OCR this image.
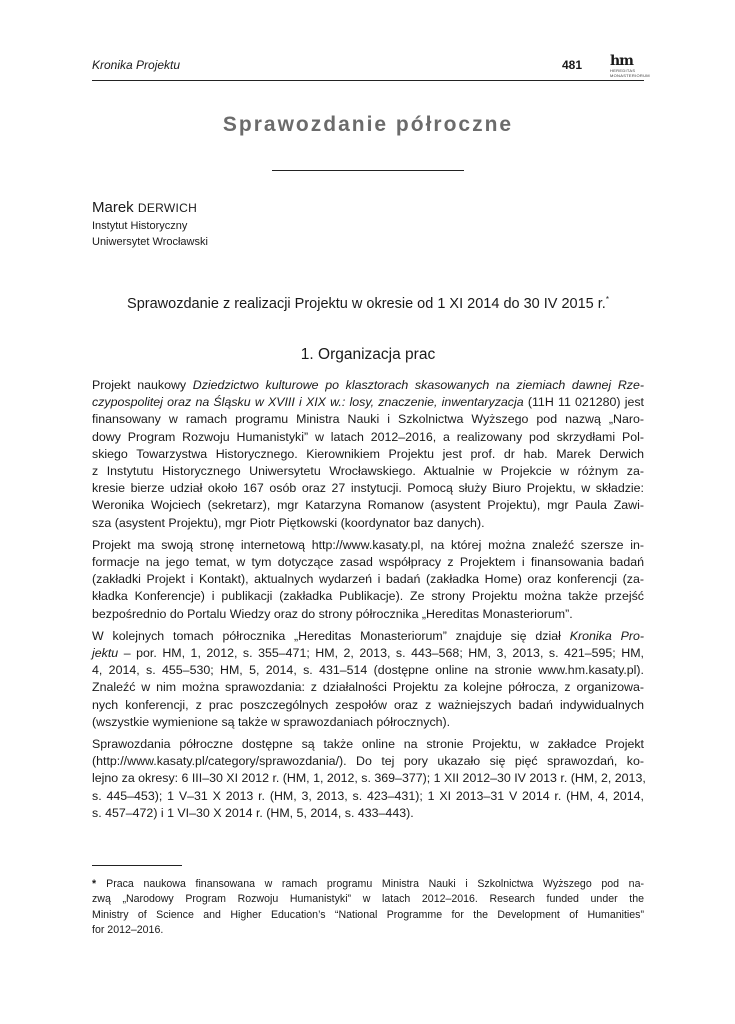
Kronika Projektu	481 hm
HEREDITAS
MONASTERIORUM
Sprawozdanie półroczne
Marek DERWICH
Instytut Historyczny
Uniwersytet Wrocławski
Sprawozdanie z realizacji Projektu w okresie od 1 XI 2014 do 30 IV 2015 r.*
1. Organizacja prac

Projekt naukowy Dziedzictwo kulturowe po klasztorach skasowanych na ziemiach dawnej Rze-
czypospolitej oraz na Śląsku w XVIII i XIX w.: losy, znaczenie, inwentaryzacja (11H 11 021280) jest
finansowany w ramach programu Ministra Nauki i Szkolnictwa Wyższego pod nazwą „Naro-
dowy Program Rozwoju Humanistyki” w latach 2012–2016, a realizowany pod skrzydłami Pol-
skiego Towarzystwa Historycznego. Kierownikiem Projektu jest prof. dr hab. Marek Derwich
z Instytutu Historycznego Uniwersytetu Wrocławskiego. Aktualnie w Projekcie w różnym za-
kresie bierze udział około 167 osób oraz 27 instytucji. Pomocą służy Biuro Projektu, w składzie:
Weronika Wojciech (sekretarz), mgr Katarzyna Romanow (asystent Projektu), mgr Paula Zawi-
sza (asystent Projektu), mgr Piotr Piętkowski (koordynator baz danych).

Projekt ma swoją stronę internetową http://www.kasaty.pl, na której można znaleźć szersze in-
formacje na jego temat, w tym dotyczące zasad współpracy z Projektem i finansowania badań
(zakładki Projekt i Kontakt), aktualnych wydarzeń i badań (zakładka Home) oraz konferencji (za-
kładka Konferencje) i publikacji (zakładka Publikacje). Ze strony Projektu można także przejść
bezpośrednio do Portalu Wiedzy oraz do strony półrocznika „Hereditas Monasteriorum”.

W kolejnych tomach półrocznika „Hereditas Monasteriorum” znajduje się dział Kronika Pro-
jektu – por. HM, 1, 2012, s. 355–471; HM, 2, 2013, s. 443–568; HM, 3, 2013, s. 421–595; HM,
4, 2014, s. 455–530; HM, 5, 2014, s. 431–514 (dostępne online na stronie www.hm.kasaty.pl).
Znaleźć w nim można sprawozdania: z działalności Projektu za kolejne półrocza, z organizowa-
nych konferencji, z prac poszczególnych zespołów oraz z ważniejszych badań indywidualnych
(wszystkie wymienione są także w sprawozdaniach półrocznych).

Sprawozdania półroczne dostępne są także online na stronie Projektu, w zakładce Projekt
(http://www.kasaty.pl/category/sprawozdania/). Do tej pory ukazało się pięć sprawozdań, ko-
lejno za okresy: 6 III–30 XI 2012 r. (HM, 1, 2012, s. 369–377); 1 XII 2012–30 IV 2013 r. (HM, 2, 2013,
s. 445–453); 1 V–31 X 2013 r. (HM, 3, 2013, s. 423–431); 1 XI 2013–31 V 2014 r. (HM, 4, 2014,
s. 457–472) i 1 VI–30 X 2014 r. (HM, 5, 2014, s. 433–443).

* Praca naukowa finansowana w ramach programu Ministra Nauki i Szkolnictwa Wyższego pod na-
zwą „Narodowy Program Rozwoju Humanistyki” w latach 2012–2016. Research funded under the
Ministry of Science and Higher Education’s “National Programme for the Development of Humanities”
for 2012–2016.
